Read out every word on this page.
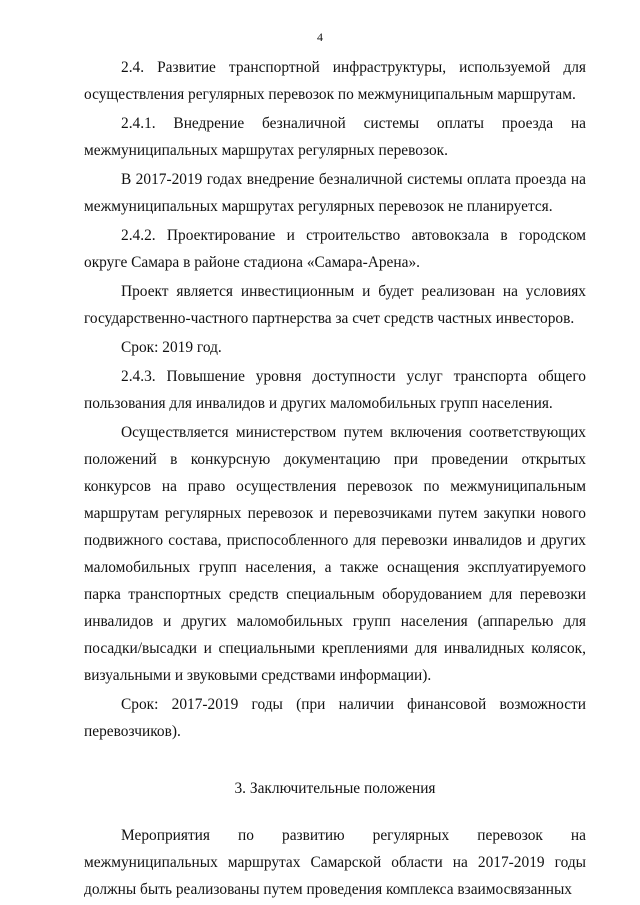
4

2.4. Развитие транспортной инфраструктуры, используемой для осуществления регулярных перевозок по межмуниципальным маршрутам.

2.4.1. Внедрение безналичной системы оплаты проезда на межмуниципальных маршрутах регулярных перевозок.

В 2017-2019 годах внедрение безналичной системы оплата проезда на межмуниципальных маршрутах регулярных перевозок не планируется.

2.4.2. Проектирование и строительство автовокзала в городском округе Самара в районе стадиона «Самара-Арена».

Проект является инвестиционным и будет реализован на условиях государственно-частного партнерства за счет средств частных инвесторов.

Срок: 2019 год.

2.4.3. Повышение уровня доступности услуг транспорта общего пользования для инвалидов и других маломобильных групп населения.

Осуществляется министерством путем включения соответствующих положений в конкурсную документацию при проведении открытых конкурсов на право осуществления перевозок по межмуниципальным маршрутам регулярных перевозок и перевозчиками путем закупки нового подвижного состава, приспособленного для перевозки инвалидов и других маломобильных групп населения, а также оснащения эксплуатируемого парка транспортных средств специальным оборудованием для перевозки инвалидов и других маломобильных групп населения (аппарелью для посадки/высадки и специальными креплениями для инвалидных колясок, визуальными и звуковыми средствами информации).

Срок: 2017-2019 годы (при наличии финансовой возможности перевозчиков).

3. Заключительные положения

Мероприятия по развитию регулярных перевозок на межмуниципальных маршрутах Самарской области на 2017-2019 годы должны быть реализованы путем проведения комплекса взаимосвязанных
